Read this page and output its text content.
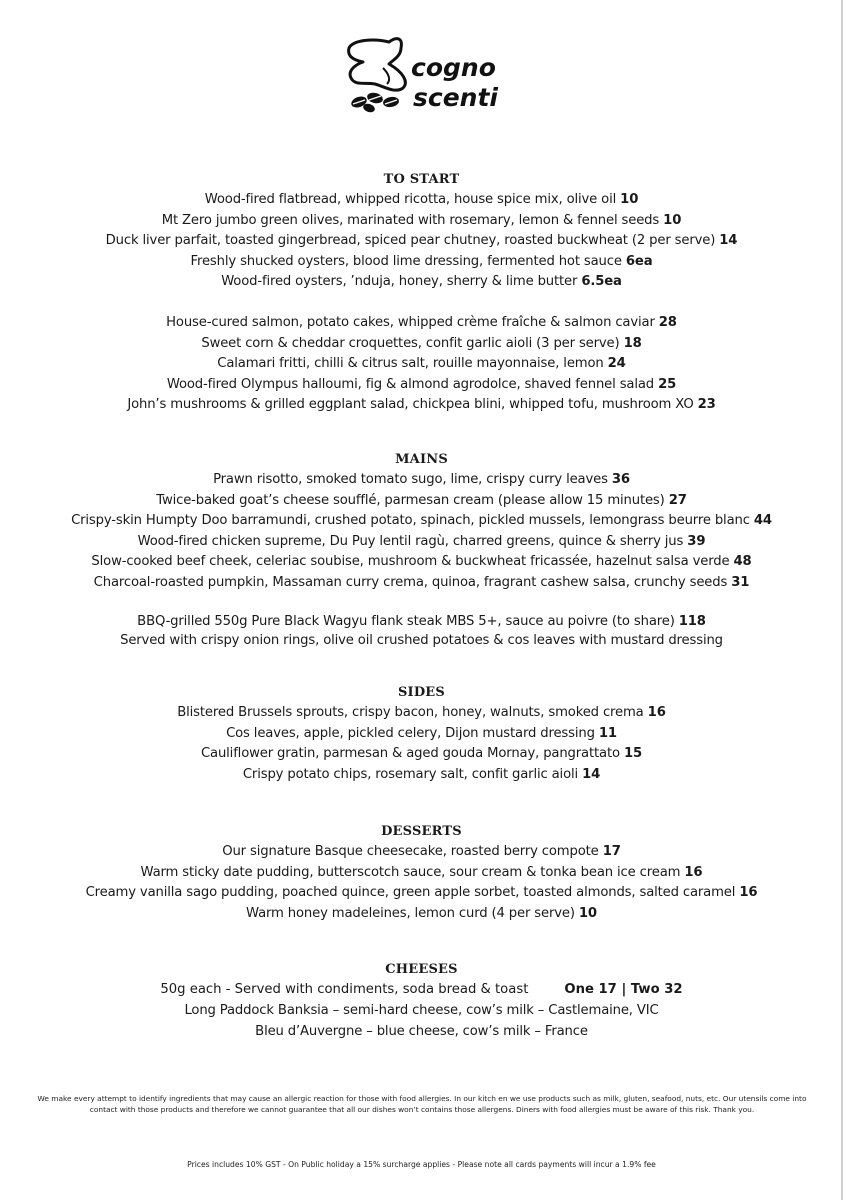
cogno
scenti
TO START
Wood-fired flatbread, whipped ricotta, house spice mix, olive oil 10
Mt Zero jumbo green olives, marinated with rosemary, lemon & fennel seeds 10
Duck liver parfait, toasted gingerbread, spiced pear chutney, roasted buckwheat (2 per serve) 14
Freshly shucked oysters, blood lime dressing, fermented hot sauce 6ea
Wood-fired oysters, ’nduja, honey, sherry & lime butter 6.5ea
House-cured salmon, potato cakes, whipped crème fraîche & salmon caviar 28
Sweet corn & cheddar croquettes, confit garlic aioli (3 per serve) 18
Calamari fritti, chilli & citrus salt, rouille mayonnaise, lemon 24
Wood-fired Olympus halloumi, fig & almond agrodolce, shaved fennel salad 25
John’s mushrooms & grilled eggplant salad, chickpea blini, whipped tofu, mushroom XO 23
MAINS
Prawn risotto, smoked tomato sugo, lime, crispy curry leaves 36
Twice-baked goat’s cheese soufflé, parmesan cream (please allow 15 minutes) 27
Crispy-skin Humpty Doo barramundi, crushed potato, spinach, pickled mussels, lemongrass beurre blanc 44
Wood-fired chicken supreme, Du Puy lentil ragù, charred greens, quince & sherry jus 39
Slow-cooked beef cheek, celeriac soubise, mushroom & buckwheat fricassée, hazelnut salsa verde 48
Charcoal-roasted pumpkin, Massaman curry crema, quinoa, fragrant cashew salsa, crunchy seeds 31
BBQ-grilled 550g Pure Black Wagyu flank steak MBS 5+, sauce au poivre (to share) 118
Served with crispy onion rings, olive oil crushed potatoes & cos leaves with mustard dressing
SIDES
Blistered Brussels sprouts, crispy bacon, honey, walnuts, smoked crema 16
Cos leaves, apple, pickled celery, Dijon mustard dressing 11
Cauliflower gratin, parmesan & aged gouda Mornay, pangrattato 15
Crispy potato chips, rosemary salt, confit garlic aioli 14
DESSERTS
Our signature Basque cheesecake, roasted berry compote 17
Warm sticky date pudding, butterscotch sauce, sour cream & tonka bean ice cream 16
Creamy vanilla sago pudding, poached quince, green apple sorbet, toasted almonds, salted caramel 16
Warm honey madeleines, lemon curd (4 per serve) 10
CHEESES
50g each - Served with condiments, soda bread & toast	One 17 | Two 32
Long Paddock Banksia – semi-hard cheese, cow’s milk – Castlemaine, VIC
Bleu d’Auvergne – blue cheese, cow’s milk – France
We make every attempt to identify ingredients that may cause an allergic reaction for those with food allergies. In our kitch en we use products such as milk, gluten, seafood, nuts, etc. Our utensils come into contact with those products and therefore we cannot guarantee that all our dishes won’t contains those allergens. Diners with food allergies must be aware of this risk. Thank you.
Prices includes 10% GST - On Public holiday a 15% surcharge applies - Please note all cards payments will incur a 1.9% fee
